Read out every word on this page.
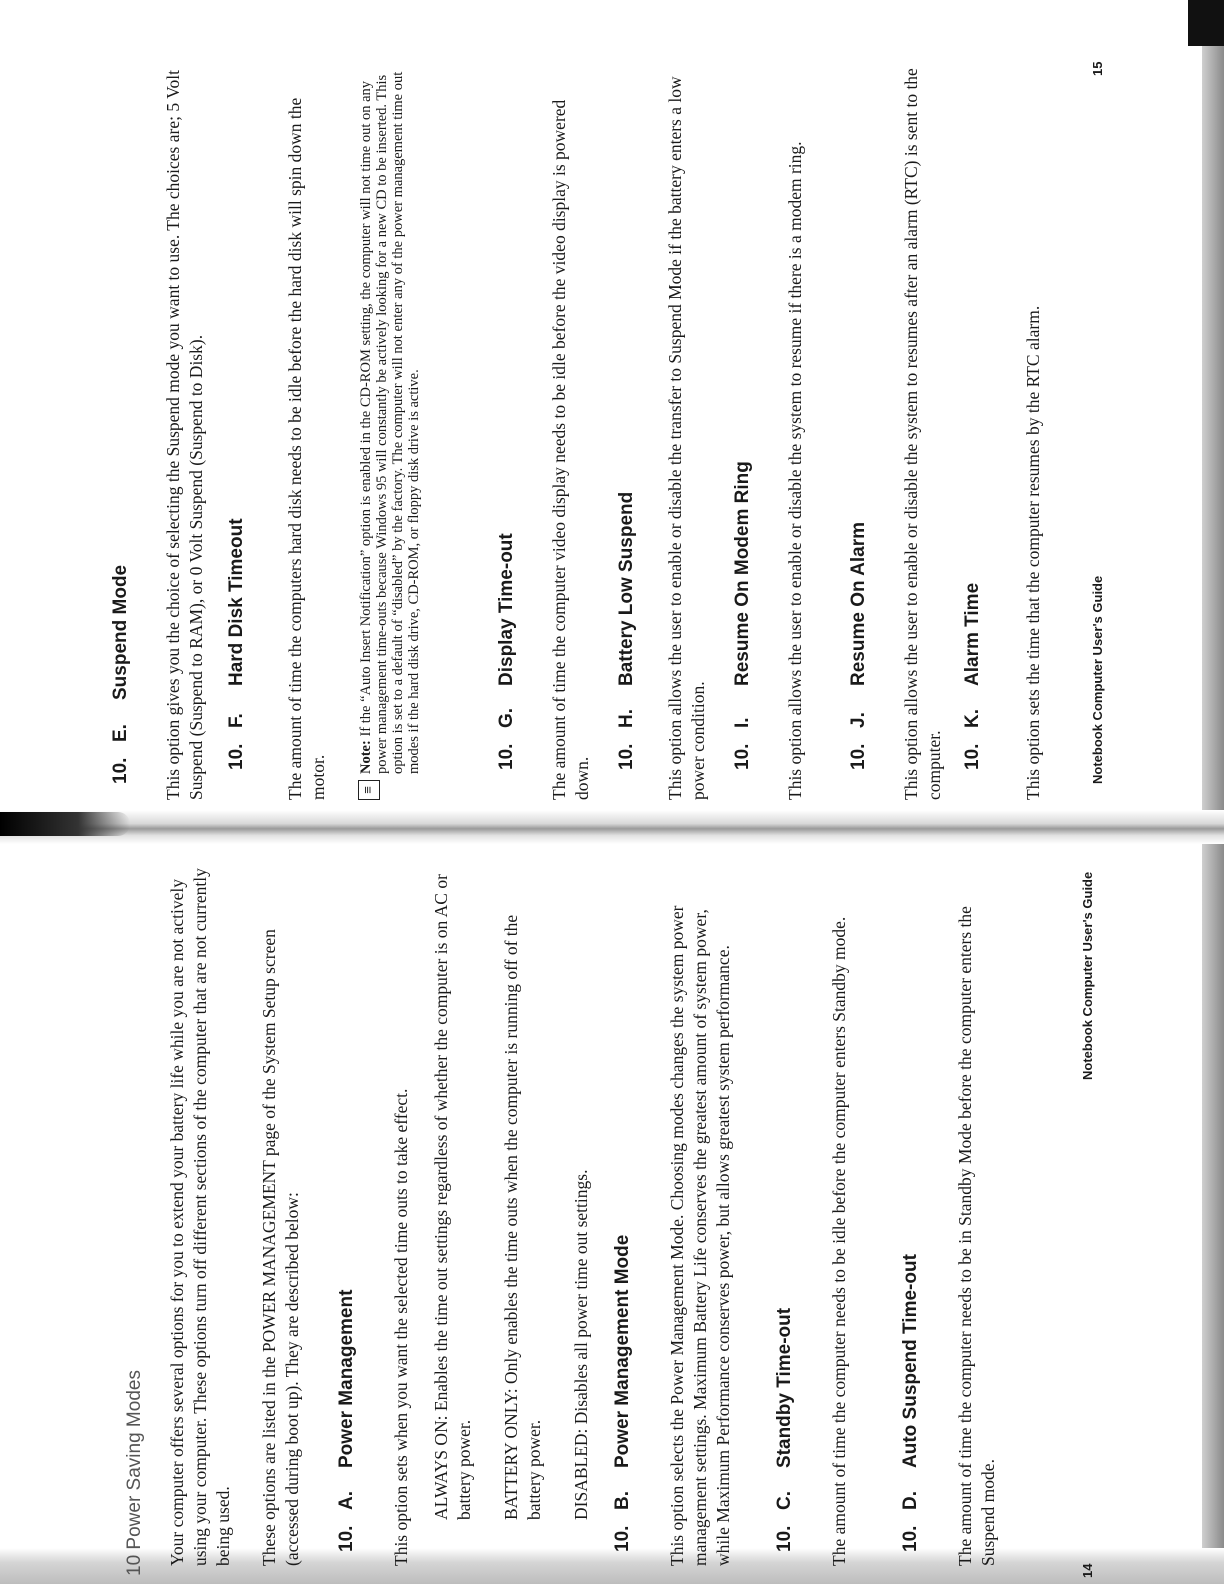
10 Power Saving Modes Your computer offers several options for you to extend your battery life while you are not actively using your computer. These options turn off different sections of the computer that are not currently being used. These options are listed in the POWER MANAGEMENT page of the System Setup screen (accessed during boot up). They are described below: 10.A.Power Management This option sets when you want the selected time outs to take effect. ALWAYS ON: Enables the time out settings regardless of whether the computer is on AC or battery power. BATTERY ONLY: Only enables the time outs when the computer is running off of the battery power. DISABLED: Disables all power time out settings.

10.B.Power Management Mode This option selects the Power Management Mode. Choosing modes changes the system power management settings. Maximum Battery Life conserves the greatest amount of system power, while Maximum Performance conserves power, but allows greatest system performance. 10.C.Standby Time-out The amount of time the computer needs to be idle before the computer enters Standby mode.	10.D.Auto Suspend Time-out The amount of time the computer needs to be in Standby Mode before the computer enters the Suspend mode.

14
Notebook Computer User's Guide
10.E.Suspend Mode This option gives you the choice of selecting the Suspend mode you want to use. The choices are; 5 Volt Suspend (Suspend to RAM), or 0 Volt Suspend (Suspend to Disk). 10.F.Hard Disk Timeout The amount of time the computers hard disk needs to be idle before the hard disk will spin down the motor. ≡

Note: If the “Auto Insert Notification” option is enabled in the CD-ROM setting, the computer will not time out on any power management time-outs because Windows 95 will constantly be actively looking for a new CD to be inserted. This option is set to a default of “disabled” by the factory. The computer will not enter any of the power management time out modes if the hard disk drive, CD-ROM, or floppy disk drive is active.	10.G.Display Time-out The amount of time the computer video display needs to be idle before the video display is powered down. 10.H.Battery Low Suspend This option allows the user to enable or disable the transfer to Suspend Mode if the battery enters a low power condition. 10.I.Resume On Modem Ring This option allows the user to enable or disable the system to resume if there is a modem ring. 10.J.Resume On Alarm This option allows the user to enable or disable the system to resumes after an alarm (RTC) is sent to the computer. 10.K.Alarm Time This option sets the time that the computer resumes by the RTC alarm.	Notebook Computer User's Guide
15
